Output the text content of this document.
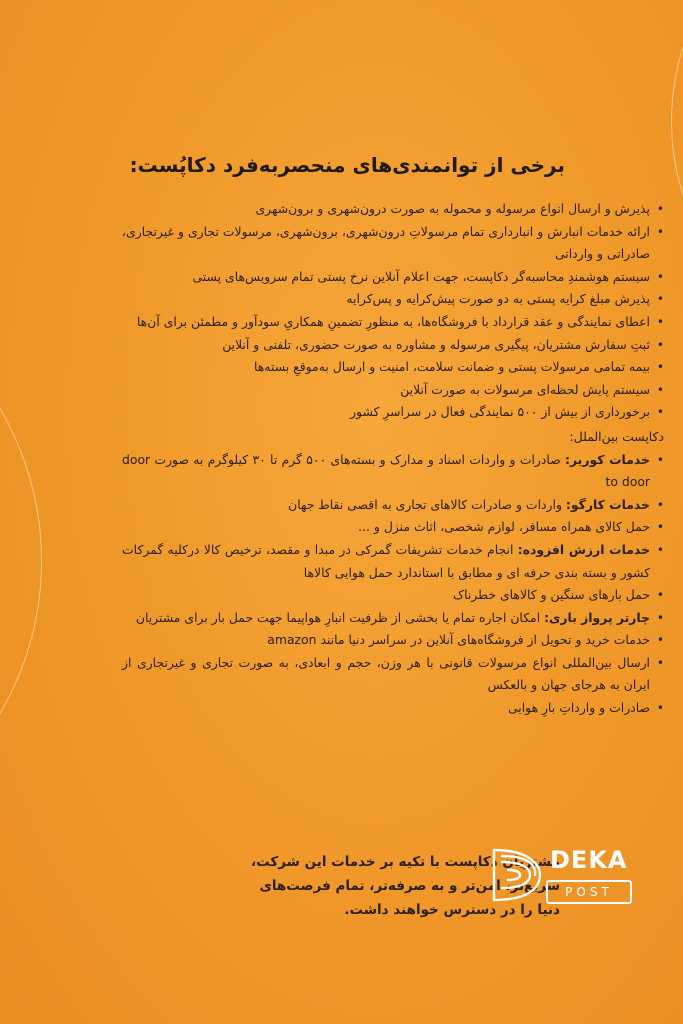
برخی از توانمندی‌های منحصربه‌فرد دکاپُست:
• پذیرش و ارسال انواع مرسوله و محموله به صورت درون‌شهری و برون‌شهری
• ارائه خدمات انبارش و انبارداری تمام مرسولاتِ درون‌شهری، برون‌شهری، مرسولات تجاری و غیرتجاری، صادراتی و وارداتی
• سیستم هوشمندِ محاسبه‌گر دکاپست، جهت اعلام آنلاین نرخ پستی تمام سرویس‌های پستی
• پذیرش مبلغ کرایه پستی به دو صورت پیش‌کرایه و پس‌کرایه
• اعطای نمایندگی و عقد قرارداد با فروشگاه‌ها، به منظورِ تضمینِ همکاریِ سودآور و مطمئن برای آن‌ها
• ثبتِ سفارش مشتریان، پیگیری مرسوله و مشاوره به صورت حضوری، تلفنی و آنلاین
• بیمه تمامی مرسولات پستی و ضمانت سلامت، امنیت و ارسال به‌موقعِ بسته‌ها
• سیستم پایش لحظه‌ای مرسولات به صورت آنلاین
• برخورداری از بیش از ۵۰۰ نمایندگی فعال در سراسرِ کشور
دکاپست بین‌الملل:
• خدمات کوریر: صادرات و واردات اسناد و مدارک و بسته‌های ۵۰۰ گرم تا ۳۰ کیلوگرم به صورت door to door
• خدمات کارگو: واردات و صادرات کالاهای تجاری به اقصی نقاط جهان
• حمل کالای همراه مسافر، لوازم شخصی، اثاث منزل و ...
• خدمات ارزش افزوده: انجام خدمات تشریفات گمرکی در مبدا و مقصد، ترخیص کالا درکلیه گمرکات کشور و بسته بندی حرفه ای و مطابق با استاندارد حمل هوایی کالاها
• حمل بارهای سنگین و کالاهای خطرناک
• چارتر پرواز باری: امکان اجاره تمام یا بخشی از ظرفیت انبارِ هواپیما جهت حمل بار برای مشتریان
• خدمات خرید و تحویل از فروشگاه‌های آنلاین در سراسر دنیا مانند amazon
• ارسال بین‌المللی انواع مرسولات قانونی با هر وزن، حجم و ابعادی، به صورت تجاری و غیرتجاری از ایران به هرجای جهان و بالعکس
• صادرات و وارداتِ بارِ هوایی
مشتریان دکاپست با تکیه بر خدمات این شرکت،
سریع‌تر، امن‌تر و به صرفه‌تر، تمام فرصت‌های
دنیا را در دسترس خواهند داشت.
DEKA
POST
